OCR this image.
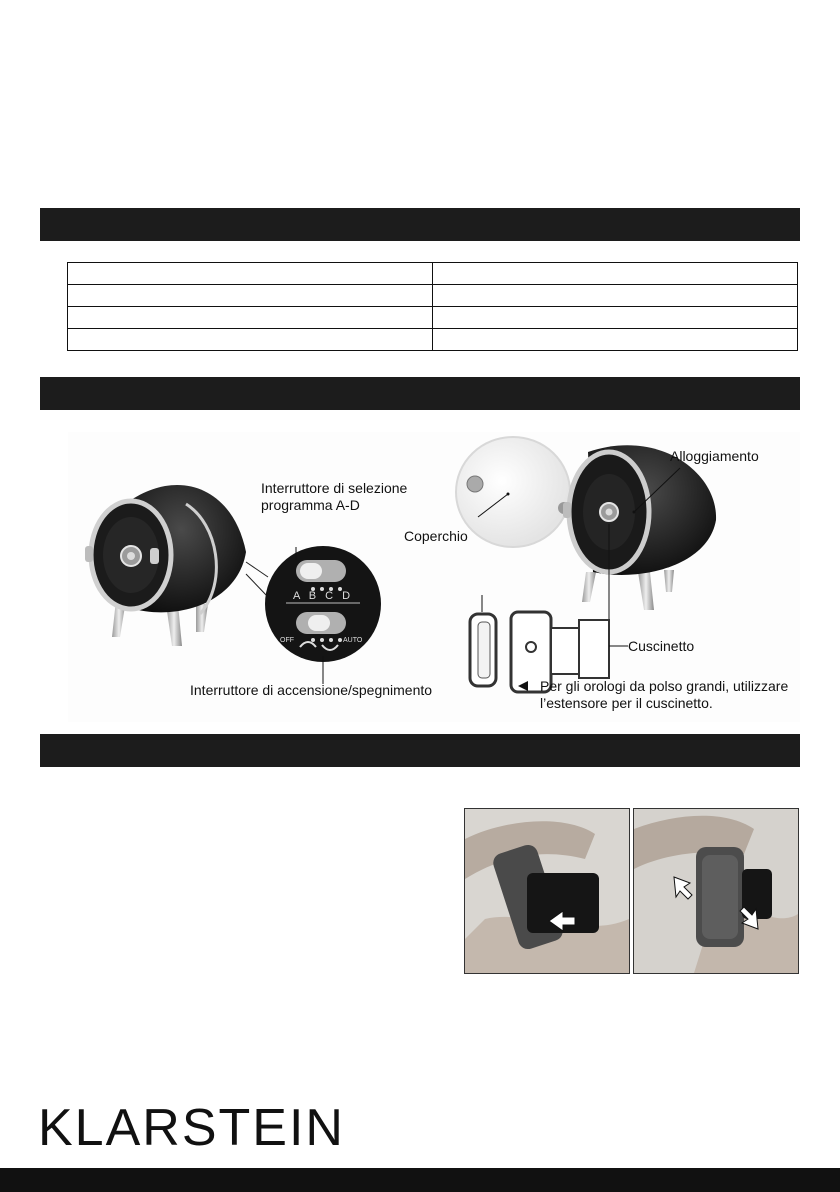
Interruttore di selezione
programma A-D
Interruttore di accensione/spegnimento
Coperchio
Alloggiamento
Cuscinetto
Per gli orologi da polso grandi, utilizzare
l’estensore per il cuscinetto.
A B C D
OFF	AUTO
KLARSTEIN
